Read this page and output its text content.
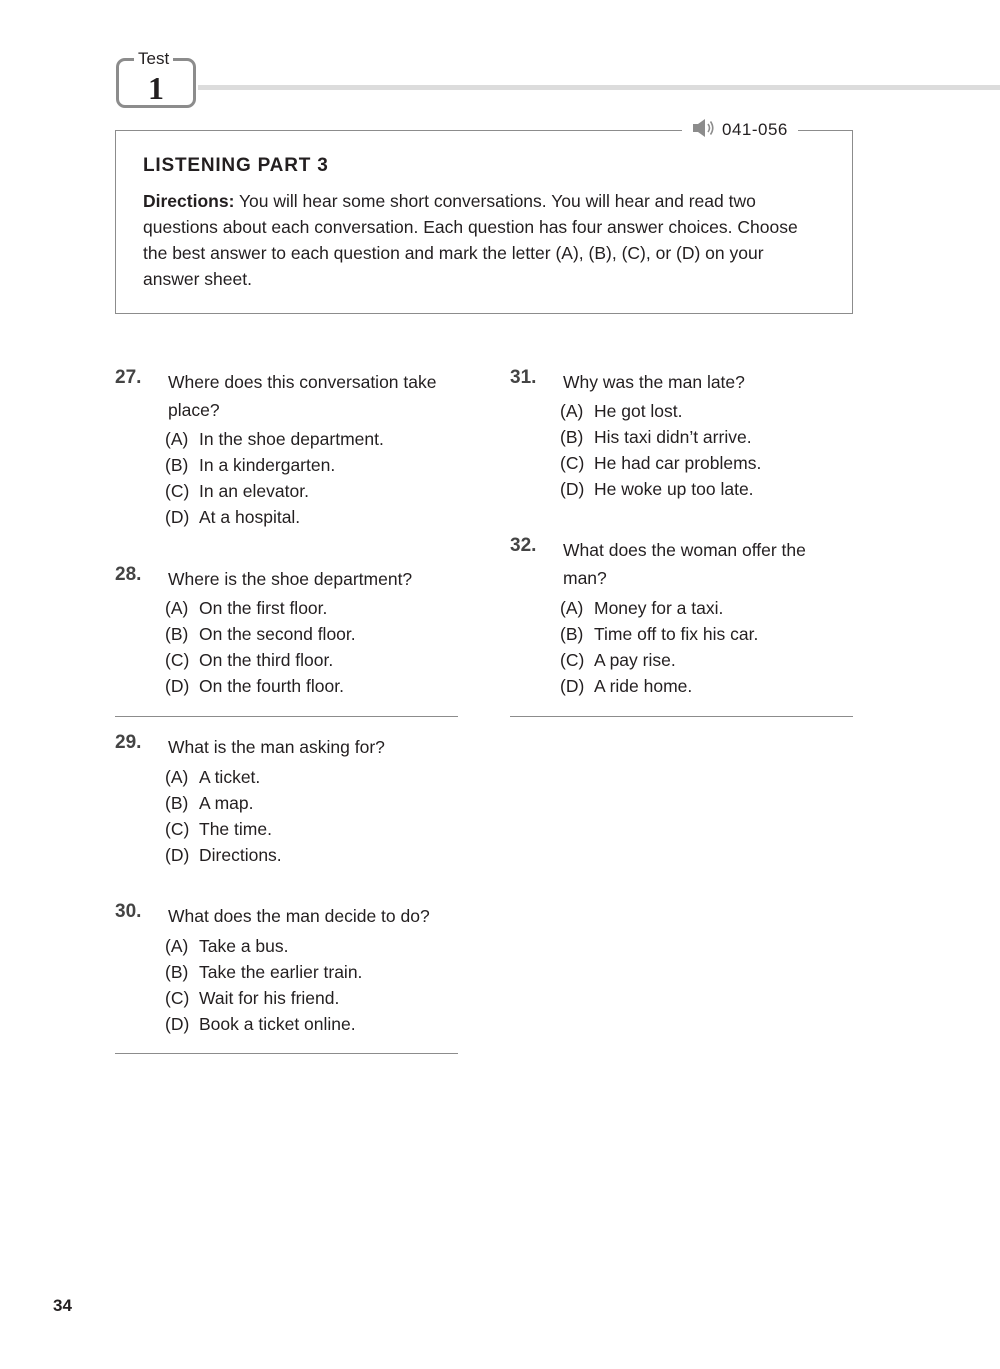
Test
1
041-056
LISTENING PART 3
Directions: You will hear some short conversations. You will hear and read two questions about each conversation. Each question has four answer choices. Choose the best answer to each question and mark the letter (A), (B), (C), or (D) on your answer sheet.
27. Where does this conversation take place?
(A) In the shoe department.
(B) In a kindergarten.
(C) In an elevator.
(D) At a hospital.
28. Where is the shoe department?
(A) On the first floor.
(B) On the second floor.
(C) On the third floor.
(D) On the fourth floor.
29. What is the man asking for?
(A) A ticket.
(B) A map.
(C) The time.
(D) Directions.
30. What does the man decide to do?
(A) Take a bus.
(B) Take the earlier train.
(C) Wait for his friend.
(D) Book a ticket online.
31. Why was the man late?
(A) He got lost.
(B) His taxi didn’t arrive.
(C) He had car problems.
(D) He woke up too late.
32. What does the woman offer the man?
(A) Money for a taxi.
(B) Time off to fix his car.
(C) A pay rise.
(D) A ride home.
34
